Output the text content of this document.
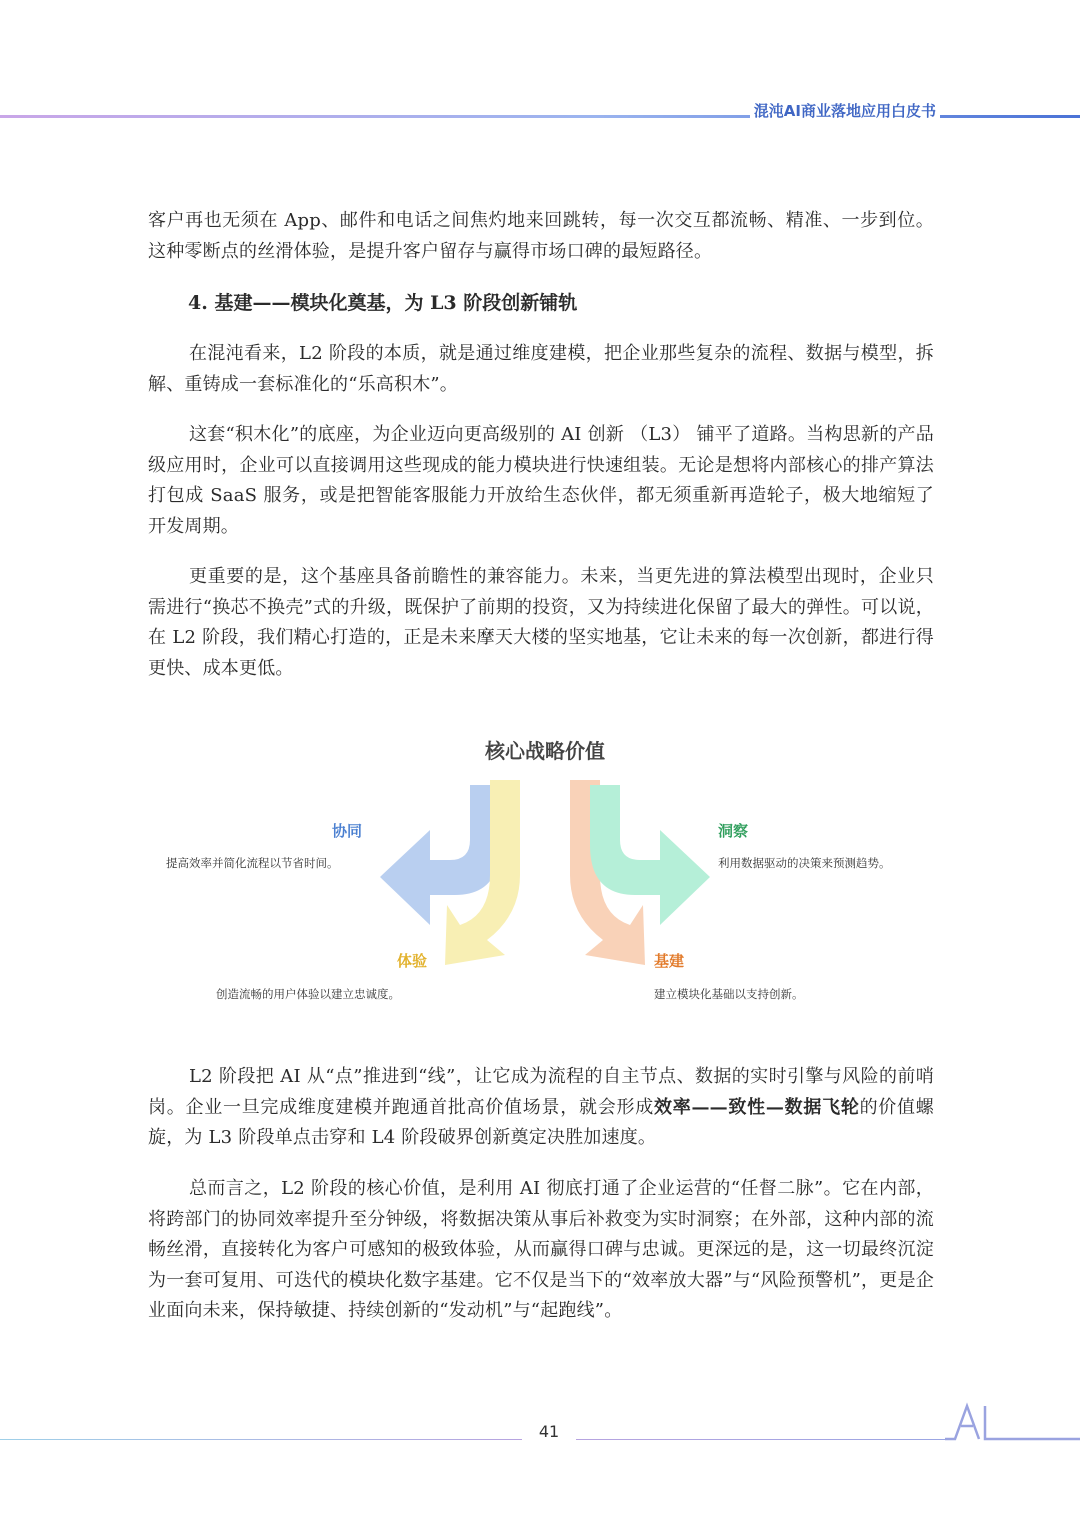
混沌AI商业落地应用白皮书

客户再也无须在 App、邮件和电话之间焦灼地来回跳转，每一次交互都流畅、精准、一步到位。这种零断点的丝滑体验，是提升客户留存与赢得市场口碑的最短路径。

4. 基建——模块化奠基，为 L3 阶段创新铺轨

在混沌看来，L2 阶段的本质，就是通过维度建模，把企业那些复杂的流程、数据与模型，拆解、重铸成一套标准化的“乐高积木”。

这套“积木化”的底座，为企业迈向更高级别的 AI 创新 （L3） 铺平了道路。当构思新的产品级应用时，企业可以直接调用这些现成的能力模块进行快速组装。无论是想将内部核心的排产算法打包成 SaaS 服务，或是把智能客服能力开放给生态伙伴，都无须重新再造轮子，极大地缩短了开发周期。

更重要的是，这个基座具备前瞻性的兼容能力。未来，当更先进的算法模型出现时，企业只需进行“换芯不换壳”式的升级，既保护了前期的投资，又为持续进化保留了最大的弹性。可以说，在 L2 阶段，我们精心打造的，正是未来摩天大楼的坚实地基，它让未来的每一次创新，都进行得更快、成本更低。

核心战略价值
协同
提高效率并简化流程以节省时间。
洞察
利用数据驱动的决策来预测趋势。
体验
创造流畅的用户体验以建立忠诚度。
基建
建立模块化基础以支持创新。

L2 阶段把 AI 从“点”推进到“线”，让它成为流程的自主节点、数据的实时引擎与风险的前哨岗。企业一旦完成维度建模并跑通首批高价值场景，就会形成效率——致性—数据飞轮的价值螺旋，为 L3 阶段单点击穿和 L4 阶段破界创新奠定决胜加速度。

总而言之，L2 阶段的核心价值，是利用 AI 彻底打通了企业运营的“任督二脉”。它在内部，将跨部门的协同效率提升至分钟级，将数据决策从事后补救变为实时洞察；在外部，这种内部的流畅丝滑，直接转化为客户可感知的极致体验，从而赢得口碑与忠诚。更深远的是，这一切最终沉淀为一套可复用、可迭代的模块化数字基建。它不仅是当下的“效率放大器”与“风险预警机”，更是企业面向未来，保持敏捷、持续创新的“发动机”与“起跑线”。

41
AI
